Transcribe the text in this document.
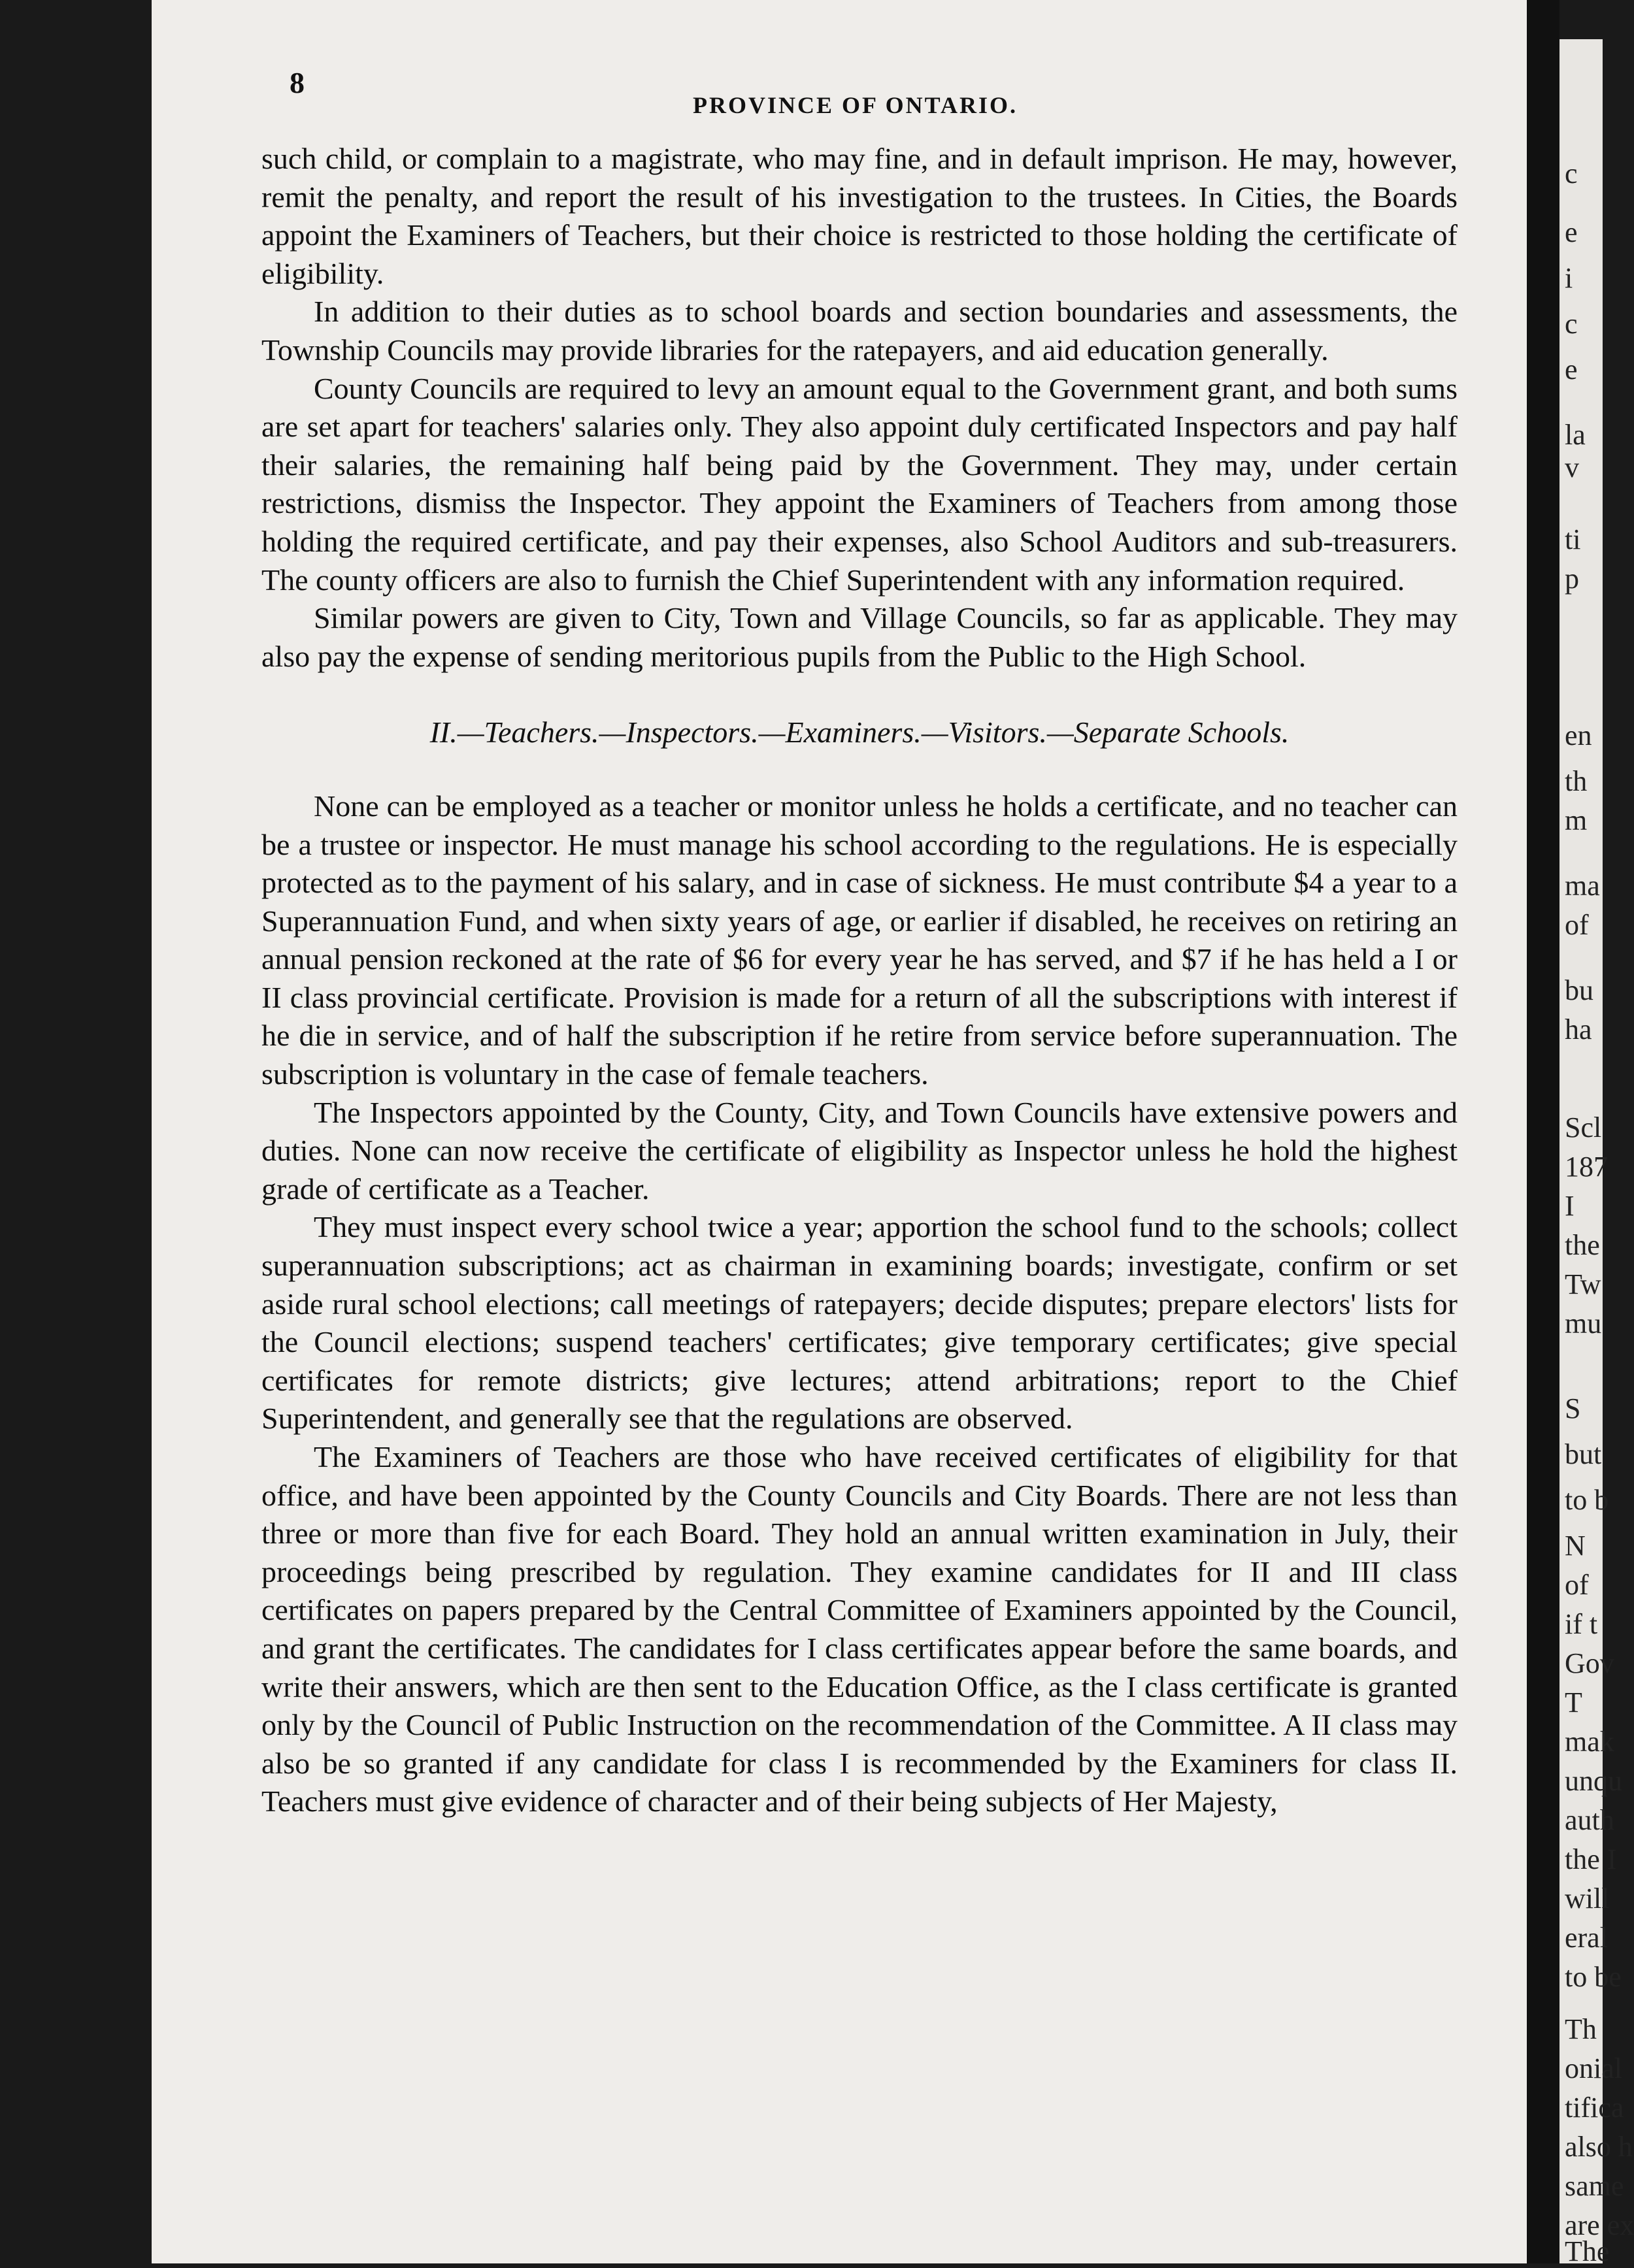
c
e
i
c
e
la
v
ti
p
en
th
m
ma
of
bu
ha
Scl
187
I
the
Tw
mu
S
but
to b
N
of
if t
Gov
T
mak
unqu
auth
the I
will
eral
to be
Th
onial
tifica
also h
same
are ex
The
8
PROVINCE OF ONTARIO.

such child, or complain to a magistrate, who may fine, and in default imprison. He may, however, remit the penalty, and report the result of his investigation to the trustees. In Cities, the Boards appoint the Examiners of Teachers, but their choice is restricted to those holding the certificate of eligibility.

In addition to their duties as to school boards and section boundaries and assessments, the Township Councils may provide libraries for the ratepayers, and aid education generally.

County Councils are required to levy an amount equal to the Government grant, and both sums are set apart for teachers' salaries only. They also appoint duly certificated Inspectors and pay half their salaries, the remaining half being paid by the Government. They may, under certain restrictions, dismiss the Inspector. They appoint the Examiners of Teachers from among those holding the required certificate, and pay their expenses, also School Auditors and sub-treasurers. The county officers are also to furnish the Chief Superintendent with any information required.

Similar powers are given to City, Town and Village Councils, so far as applicable. They may also pay the expense of sending meritorious pupils from the Public to the High School.

II.—Teachers.—Inspectors.—Examiners.—Visitors.—Separate Schools.

None can be employed as a teacher or monitor unless he holds a certificate, and no teacher can be a trustee or inspector. He must manage his school according to the regulations. He is especially protected as to the payment of his salary, and in case of sickness. He must contribute $4 a year to a Superannuation Fund, and when sixty years of age, or earlier if disabled, he receives on retiring an annual pension reckoned at the rate of $6 for every year he has served, and $7 if he has held a I or II class provincial certificate. Provision is made for a return of all the subscriptions with interest if he die in service, and of half the subscription if he retire from service before superannuation. The subscription is voluntary in the case of female teachers.

The Inspectors appointed by the County, City, and Town Councils have extensive powers and duties. None can now receive the certificate of eligibility as Inspector unless he hold the highest grade of certificate as a Teacher.

They must inspect every school twice a year; apportion the school fund to the schools; collect superannuation subscriptions; act as chairman in examining boards; investigate, confirm or set aside rural school elections; call meetings of ratepayers; decide disputes; prepare electors' lists for the Council elections; suspend teachers' certificates; give temporary certificates; give special certificates for remote districts; give lectures; attend arbitrations; report to the Chief Superintendent, and generally see that the regulations are observed.

The Examiners of Teachers are those who have received certificates of eligibility for that office, and have been appointed by the County Councils and City Boards. There are not less than three or more than five for each Board. They hold an annual written examination in July, their proceedings being prescribed by regulation. They examine candidates for II and III class certificates on papers prepared by the Central Committee of Examiners appointed by the Council, and grant the certificates. The candidates for I class certificates appear before the same boards, and write their answers, which are then sent to the Education Office, as the I class certificate is granted only by the Council of Public Instruction on the recommendation of the Committee. A II class may also be so granted if any candidate for class I is recommended by the Examiners for class II. Teachers must give evidence of character and of their being subjects of Her Majesty,
